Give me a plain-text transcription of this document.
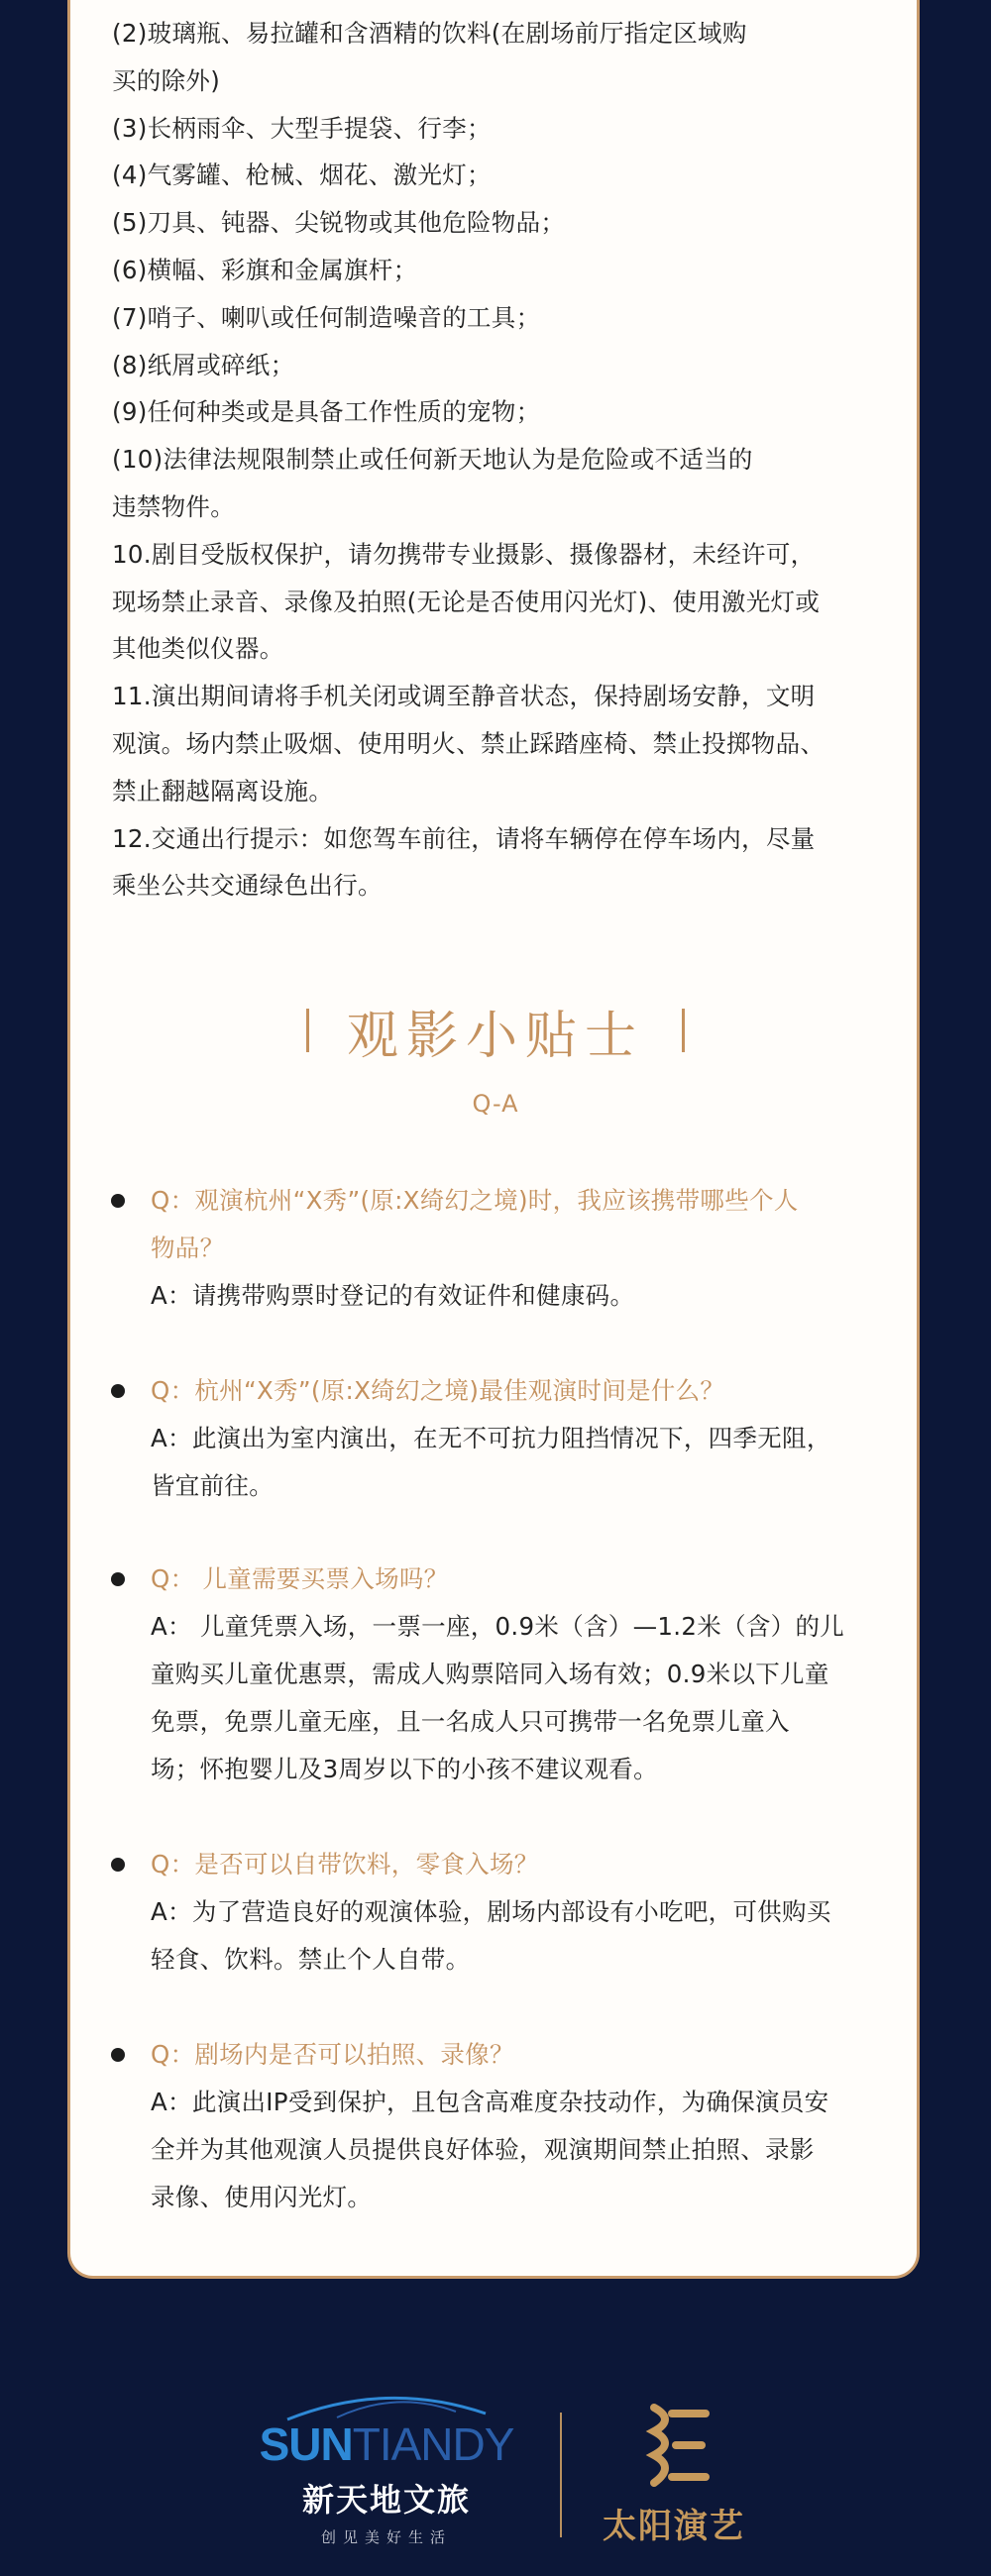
(2)玻璃瓶、易拉罐和含酒精的饮料(在剧场前厅指定区域购

买的除外)

(3)长柄雨伞、大型手提袋、行李；

(4)气雾罐、枪械、烟花、激光灯；

(5)刀具、钝器、尖锐物或其他危险物品；

(6)横幅、彩旗和金属旗杆；

(7)哨子、喇叭或任何制造噪音的工具；

(8)纸屑或碎纸；

(9)任何种类或是具备工作性质的宠物；

(10)法律法规限制禁止或任何新天地认为是危险或不适当的

违禁物件。

10.剧目受版权保护，请勿携带专业摄影、摄像器材，未经许可，

现场禁止录音、录像及拍照(无论是否使用闪光灯)、使用激光灯或

其他类似仪器。

11.演出期间请将手机关闭或调至静音状态，保持剧场安静，文明

观演。场内禁止吸烟、使用明火、禁止踩踏座椅、禁止投掷物品、

禁止翻越隔离设施。

12.交通出行提示：如您驾车前往，请将车辆停在停车场内，尽量

乘坐公共交通绿色出行。

观影小贴士
Q-A

Q：观演杭州“X秀”(原:X绮幻之境)时，我应该携带哪些个人

物品？

A：请携带购票时登记的有效证件和健康码。

Q：杭州“X秀”(原:X绮幻之境)最佳观演时间是什么？

A：此演出为室内演出，在无不可抗力阻挡情况下，四季无阻，

皆宜前往。

Q： 儿童需要买票入场吗？

A： 儿童凭票入场，一票一座，0.9米（含）—1.2米（含）的儿

童购买儿童优惠票，需成人购票陪同入场有效；0.9米以下儿童

免票，免票儿童无座，且一名成人只可携带一名免票儿童入

场；怀抱婴儿及3周岁以下的小孩不建议观看。

Q：是否可以自带饮料，零食入场？

A：为了营造良好的观演体验，剧场内部设有小吃吧，可供购买

轻食、饮料。禁止个人自带。

Q：剧场内是否可以拍照、录像？

A：此演出IP受到保护，且包含高难度杂技动作，为确保演员安

全并为其他观演人员提供良好体验，观演期间禁止拍照、录影

录像、使用闪光灯。

SUNTIANDY
新天地文旅
创见美好生活	太阳演艺
